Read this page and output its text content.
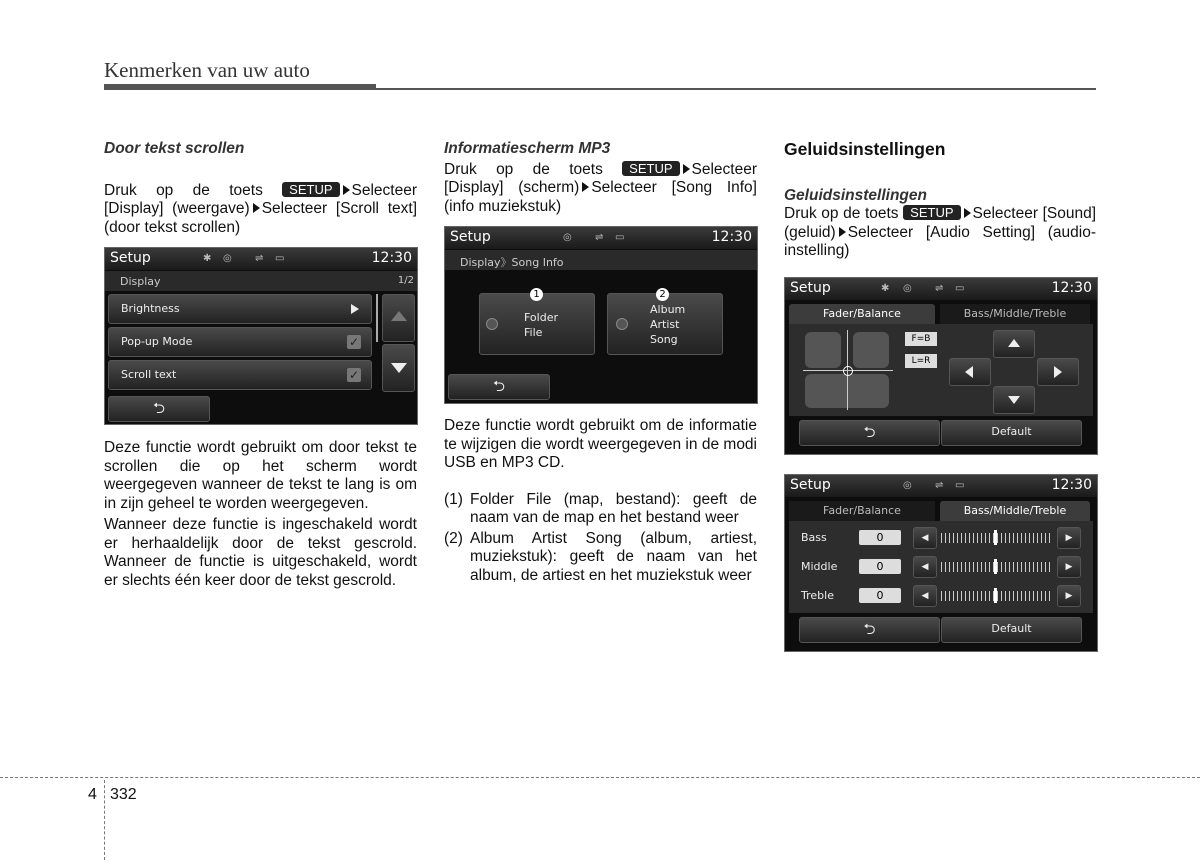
Kenmerken van uw auto

Door tekst scrollen

Druk op de toets SETUP Selecteer [Display] (weergave) Selecteer [Scroll text] (door tekst scrollen)

Setup	✱ ◎ ⇌ ▭	12:30
Display	1/2
Brightness
Pop-up Mode	✓
Scroll text	✓
⮌

Deze functie wordt gebruikt om door tekst te scrollen die op het scherm wordt weergegeven wanneer de tekst te lang is om in zijn geheel te worden weergegeven.

Wanneer deze functie is ingeschakeld wordt er herhaaldelijk door de tekst gescrold. Wanneer de functie is uitgeschakeld, wordt er slechts één keer door de tekst gescrold.

Informatiescherm MP3

Druk op de toets SETUP Selecteer [Display] (scherm) Selecteer [Song Info] (info muziekstuk)

Setup	◎ ⇌ ▭	12:30
Display》Song Info
1
Folder
File
2
Album
Artist
Song
⮌

Deze functie wordt gebruikt om de informatie te wijzigen die wordt weergegeven in de modi USB en MP3 CD.

(1) Folder File (map, bestand): geeft de naam van de map en het bestand weer

(2) Album Artist Song (album, artiest, muziekstuk): geeft de naam van het album, de artiest en het muziekstuk weer

Geluidsinstellingen

Geluidsinstellingen

Druk op de toets SETUP Selecteer [Sound] (geluid) Selecteer [Audio Setting] (audio-instelling)

Setup	✱ ◎ ⇌ ▭	12:30
Fader/Balance	Bass/Middle/Treble
F=B
L=R
⮌	Default
Setup	◎ ⇌ ▭	12:30
Fader/Balance	Bass/Middle/Treble
Bass	0	◀	▶
Middle	0	◀	▶
Treble	0	◀	▶
⮌	Default
4 332
